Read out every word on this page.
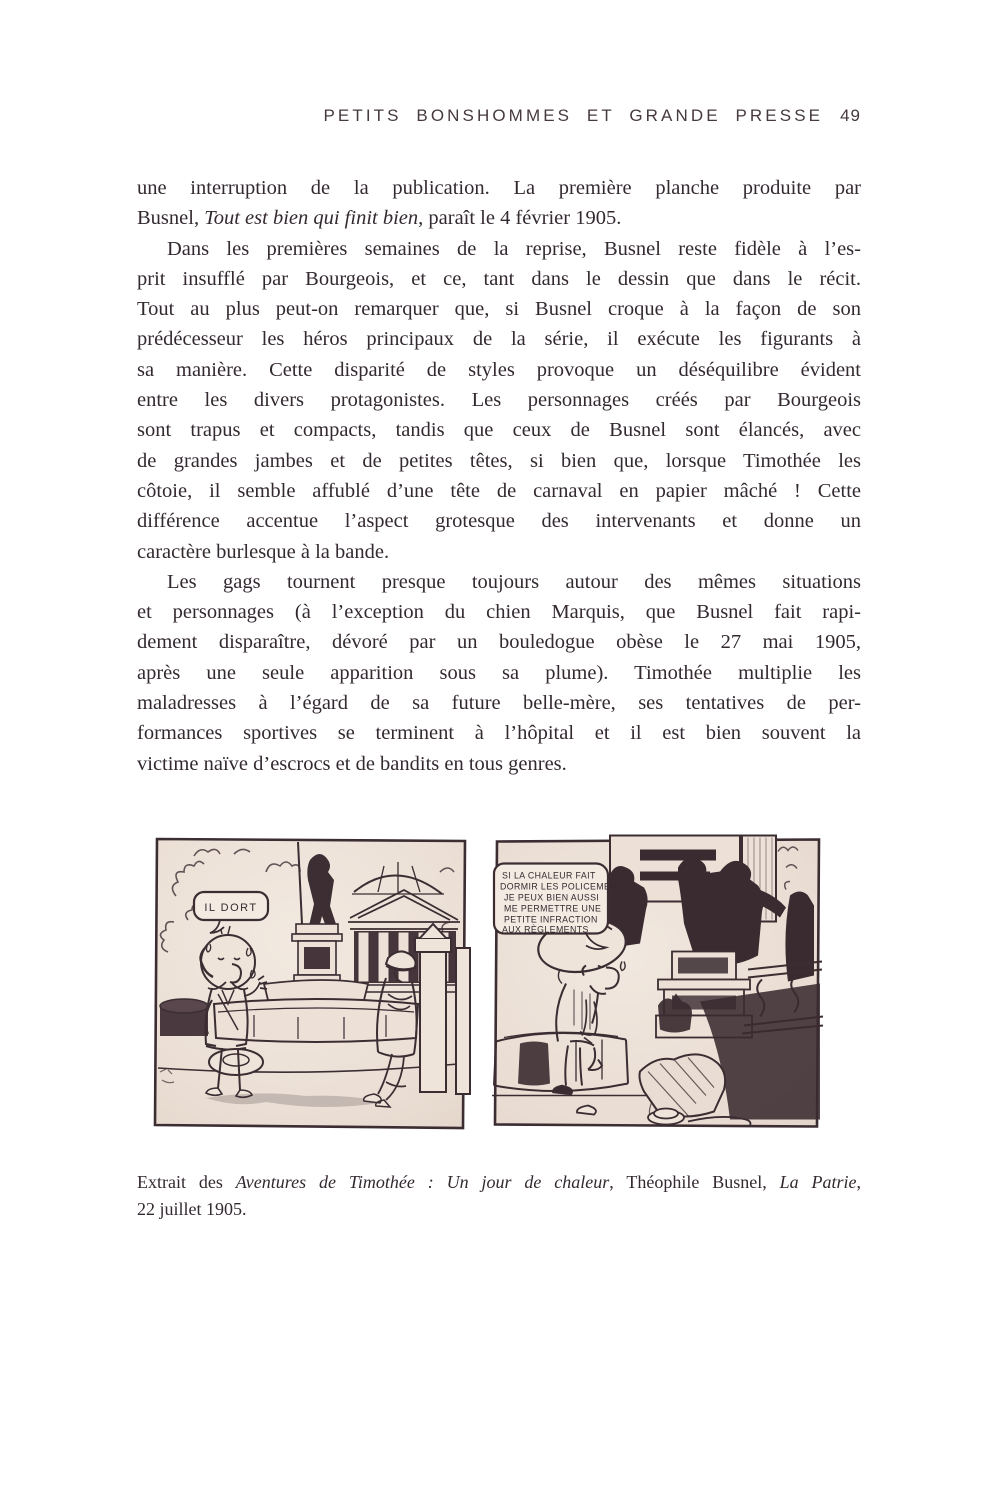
PETITS BONSHOMMES ET GRANDE PRESSE 49
une interruption de la publication. La première planche produite par
Busnel, Tout est bien qui finit bien, paraît le 4 février 1905.
Dans les premières semaines de la reprise, Busnel reste fidèle à l’es-
prit insufflé par Bourgeois, et ce, tant dans le dessin que dans le récit.
Tout au plus peut-on remarquer que, si Busnel croque à la façon de son
prédécesseur les héros principaux de la série, il exécute les figurants à
sa manière. Cette disparité de styles provoque un déséquilibre évident
entre les divers protagonistes. Les personnages créés par Bourgeois
sont trapus et compacts, tandis que ceux de Busnel sont élancés, avec
de grandes jambes et de petites têtes, si bien que, lorsque Timothée les
côtoie, il semble affublé d’une tête de carnaval en papier mâché ! Cette
différence accentue l’aspect grotesque des intervenants et donne un
caractère burlesque à la bande.
Les gags tournent presque toujours autour des mêmes situations
et personnages (à l’exception du chien Marquis, que Busnel fait rapi-
dement disparaître, dévoré par un bouledogue obèse le 27 mai 1905,
après une seule apparition sous sa plume). Timothée multiplie les
maladresses à l’égard de sa future belle-mère, ses tentatives de per-
formances sportives se terminent à l’hôpital et il est bien souvent la
victime naïve d’escrocs et de bandits en tous genres.
IL DORT
SI LA CHALEUR FAIT
DORMIR LES POLICEMEN
JE PEUX BIEN AUSSI
ME PERMETTRE UNE
PETITE INFRACTION
AUX RÈGLEMENTS
Extrait des Aventures de Timothée : Un jour de chaleur, Théophile Busnel, La Patrie,
22 juillet 1905.
